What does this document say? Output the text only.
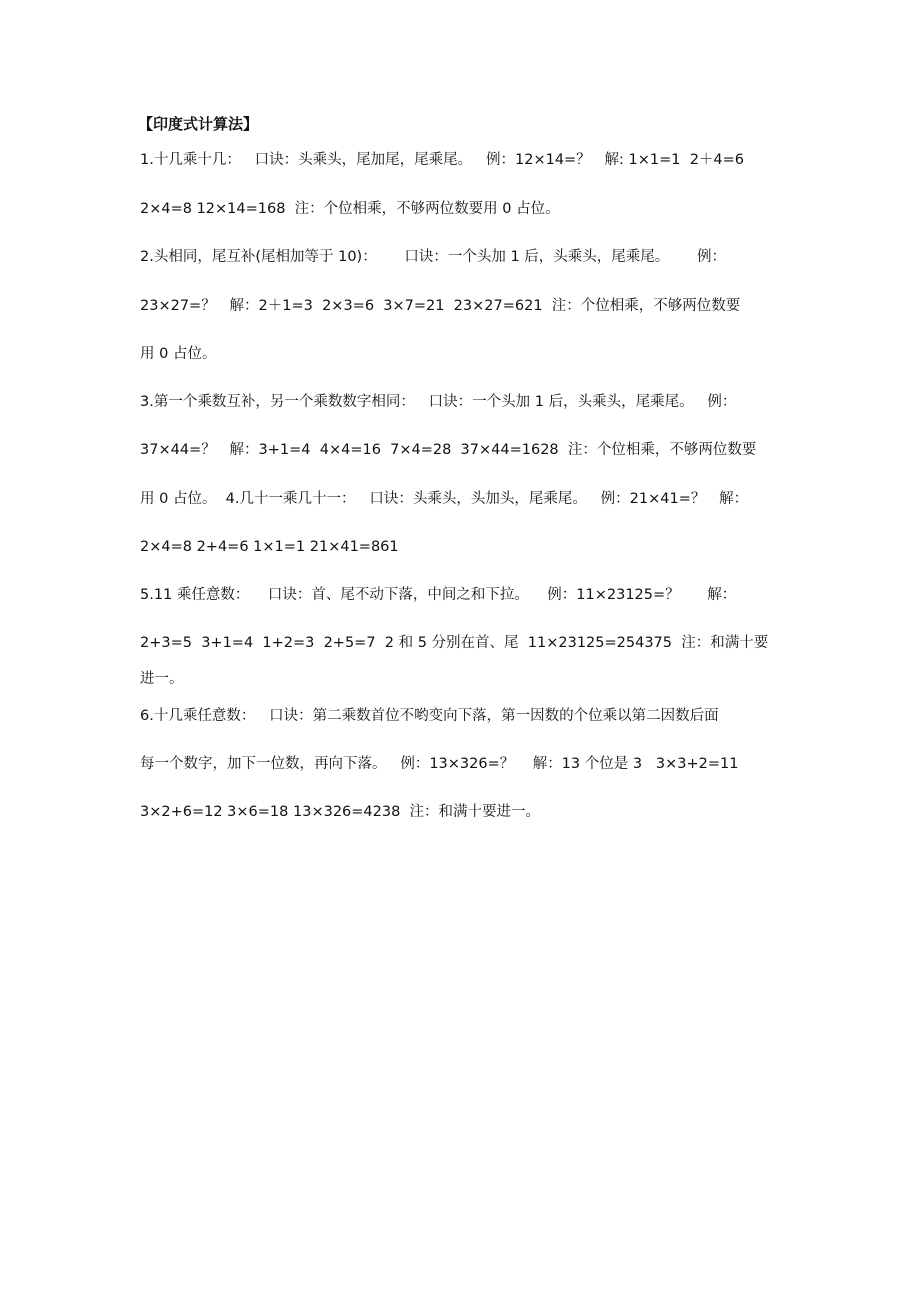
【印度式计算法】
1.十几乘十几：   口诀：头乘头，尾加尾，尾乘尾。   例：12×14=？   解: 1×1=1  2＋4=6
2×4=8 12×14=168  注：个位相乘，不够两位数要用 0 占位。
2.头相同，尾互补(尾相加等于 10)：      口诀：一个头加 1 后，头乘头，尾乘尾。      例：
23×27=？   解：2＋1=3  2×3=6  3×7=21  23×27=621  注：个位相乘，不够两位数要
用 0 占位。
3.第一个乘数互补，另一个乘数数字相同：   口诀：一个头加 1 后，头乘头，尾乘尾。   例：
37×44=？   解：3+1=4  4×4=16  7×4=28  37×44=1628  注：个位相乘，不够两位数要
用 0 占位。  4.几十一乘几十一：   口诀：头乘头，头加头，尾乘尾。   例：21×41=？   解：
2×4=8 2+4=6 1×1=1 21×41=861
5.11 乘任意数：    口诀：首、尾不动下落，中间之和下拉。    例：11×23125=？      解：
2+3=5  3+1=4  1+2=3  2+5=7  2 和 5 分别在首、尾  11×23125=254375  注：和满十要
进一。
6.十几乘任意数：   口诀：第二乘数首位不哟变向下落，第一因数的个位乘以第二因数后面
每一个数字，加下一位数，再向下落。   例：13×326=？    解：13 个位是 3   3×3+2=11
3×2+6=12 3×6=18 13×326=4238  注：和满十要进一。
